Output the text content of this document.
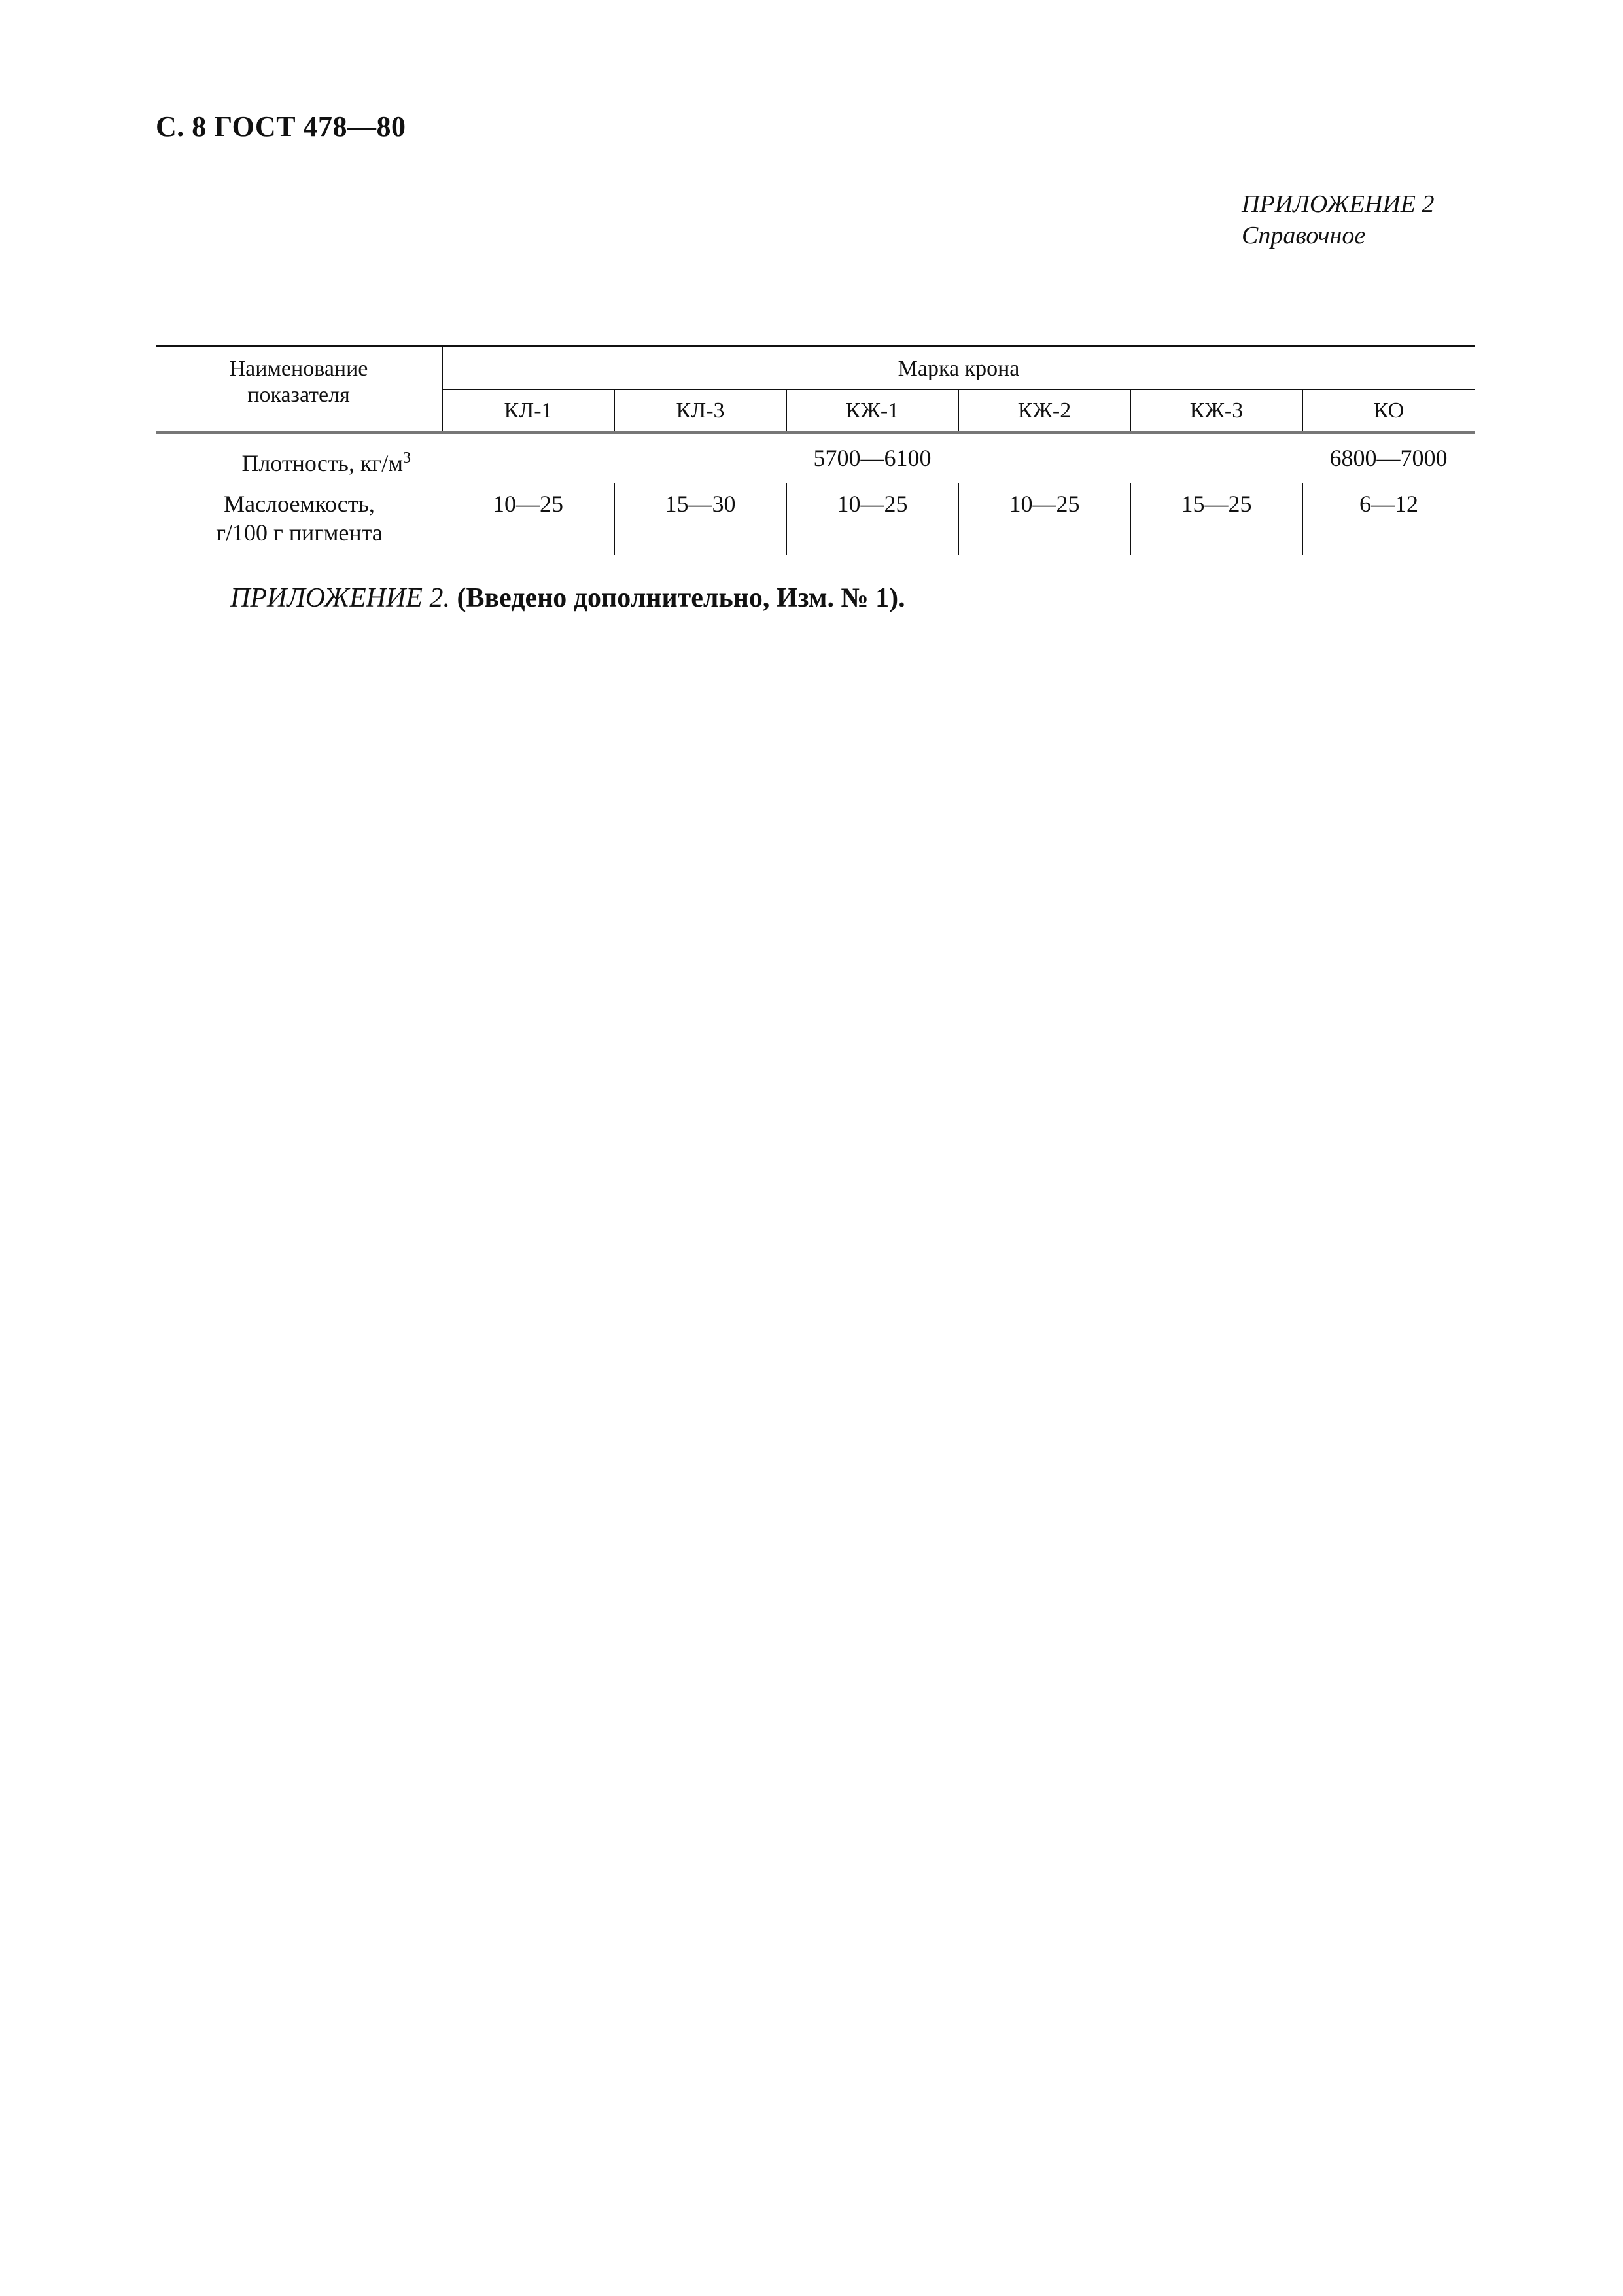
С. 8 ГОСТ 478—80
ПРИЛОЖЕНИЕ 2
Справочное
Наименование
показателя	Марка крона					
	КЛ-1	КЛ-3	КЖ-1	КЖ-2	КЖ-3	КО

Плотность, $кг/м^3$	5700—6100					6800—7000

Маслоемкость,
г/100 г пигмента	10—25	15—30	10—25	10—25	15—25	6—12
ПРИЛОЖЕНИЕ 2. (Введено дополнительно, Изм. № 1).
